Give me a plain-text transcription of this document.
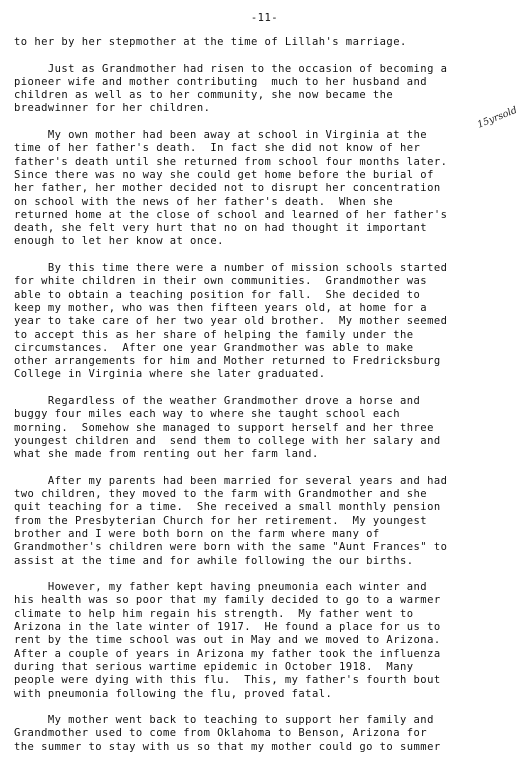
-11-
15yrsold
to her by her stepmother at the time of Lillah's marriage.
Just as Grandmother had risen to the occasion of becoming a
pioneer wife and mother contributing  much to her husband and
children as well as to her community, she now became the
breadwinner for her children.
My own mother had been away at school in Virginia at the
time of her father's death.  In fact she did not know of her
father's death until she returned from school four months later.
Since there was no way she could get home before the burial of
her father, her mother decided not to disrupt her concentration
on school with the news of her father's death.  When she
returned home at the close of school and learned of her father's
death, she felt very hurt that no on had thought it important
enough to let her know at once.
By this time there were a number of mission schools started
for white children in their own communities.  Grandmother was
able to obtain a teaching position for fall.  She decided to
keep my mother, who was then fifteen years old, at home for a
year to take care of her two year old brother.  My mother seemed
to accept this as her share of helping the family under the
circumstances.  After one year Grandmother was able to make
other arrangements for him and Mother returned to Fredricksburg
College in Virginia where she later graduated.
Regardless of the weather Grandmother drove a horse and
buggy four miles each way to where she taught school each
morning.  Somehow she managed to support herself and her three
youngest children and  send them to college with her salary and
what she made from renting out her farm land.
After my parents had been married for several years and had
two children, they moved to the farm with Grandmother and she
quit teaching for a time.  She received a small monthly pension
from the Presbyterian Church for her retirement.  My youngest
brother and I were both born on the farm where many of
Grandmother's children were born with the same "Aunt Frances" to
assist at the time and for awhile following the our births.
However, my father kept having pneumonia each winter and
his health was so poor that my family decided to go to a warmer
climate to help him regain his strength.  My father went to
Arizona in the late winter of 1917.  He found a place for us to
rent by the time school was out in May and we moved to Arizona.
After a couple of years in Arizona my father took the influenza
during that serious wartime epidemic in October 1918.  Many
people were dying with this flu.  This, my father's fourth bout
with pneumonia following the flu, proved fatal.
My mother went back to teaching to support her family and
Grandmother used to come from Oklahoma to Benson, Arizona for
the summer to stay with us so that my mother could go to summer
